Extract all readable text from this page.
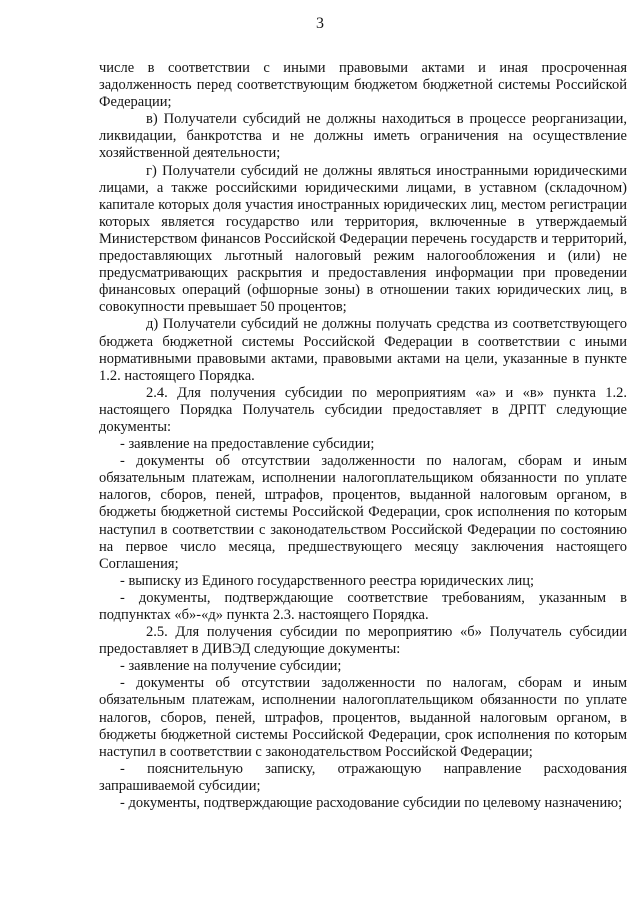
3

числе в соответствии с иными правовыми актами и иная просроченная задолженность перед соответствующим бюджетом бюджетной системы Российской Федерации;

в) Получатели субсидий не должны находиться в процессе реорганизации, ликвидации, банкротства и не должны иметь ограничения на осуществление хозяйственной деятельности;

г) Получатели субсидий не должны являться иностранными юридическими лицами, а также российскими юридическими лицами, в уставном (складочном) капитале которых доля участия иностранных юридических лиц, местом регистрации которых является государство или территория, включенные в утверждаемый Министерством финансов Российской Федерации перечень государств и территорий, предоставляющих льготный налоговый режим налогообложения и (или) не предусматривающих раскрытия и предоставления информации при проведении финансовых операций (офшорные зоны) в отношении таких юридических лиц, в совокупности превышает 50 процентов;

д) Получатели субсидий не должны получать средства из соответствующего бюджета бюджетной системы Российской Федерации в соответствии с иными нормативными правовыми актами, правовыми актами на цели, указанные в пункте 1.2. настоящего Порядка.

2.4. Для получения субсидии по мероприятиям «а» и «в» пункта 1.2. настоящего Порядка Получатель субсидии предоставляет в ДРПТ следующие документы:

- заявление на предоставление субсидии;

- документы об отсутствии задолженности по налогам, сборам и иным обязательным платежам, исполнении налогоплательщиком обязанности по уплате налогов, сборов, пеней, штрафов, процентов, выданной налоговым органом, в бюджеты бюджетной системы Российской Федерации, срок исполнения по которым наступил в соответствии с законодательством Российской Федерации по состоянию на первое число месяца, предшествующего месяцу заключения настоящего Соглашения;

- выписку из Единого государственного реестра юридических лиц;

- документы, подтверждающие соответствие требованиям, указанным в подпунктах «б»-«д» пункта 2.3. настоящего Порядка.

2.5. Для получения субсидии по мероприятию «б» Получатель субсидии предоставляет в ДИВЭД следующие документы:

- заявление на получение субсидии;

- документы об отсутствии задолженности по налогам, сборам и иным обязательным платежам, исполнении налогоплательщиком обязанности по уплате налогов, сборов, пеней, штрафов, процентов, выданной налоговым органом, в бюджеты бюджетной системы Российской Федерации, срок исполнения по которым наступил в соответствии с законодательством Российской Федерации;

- пояснительную записку, отражающую направление расходования запрашиваемой субсидии;

- документы, подтверждающие расходование субсидии по целевому назначению;
